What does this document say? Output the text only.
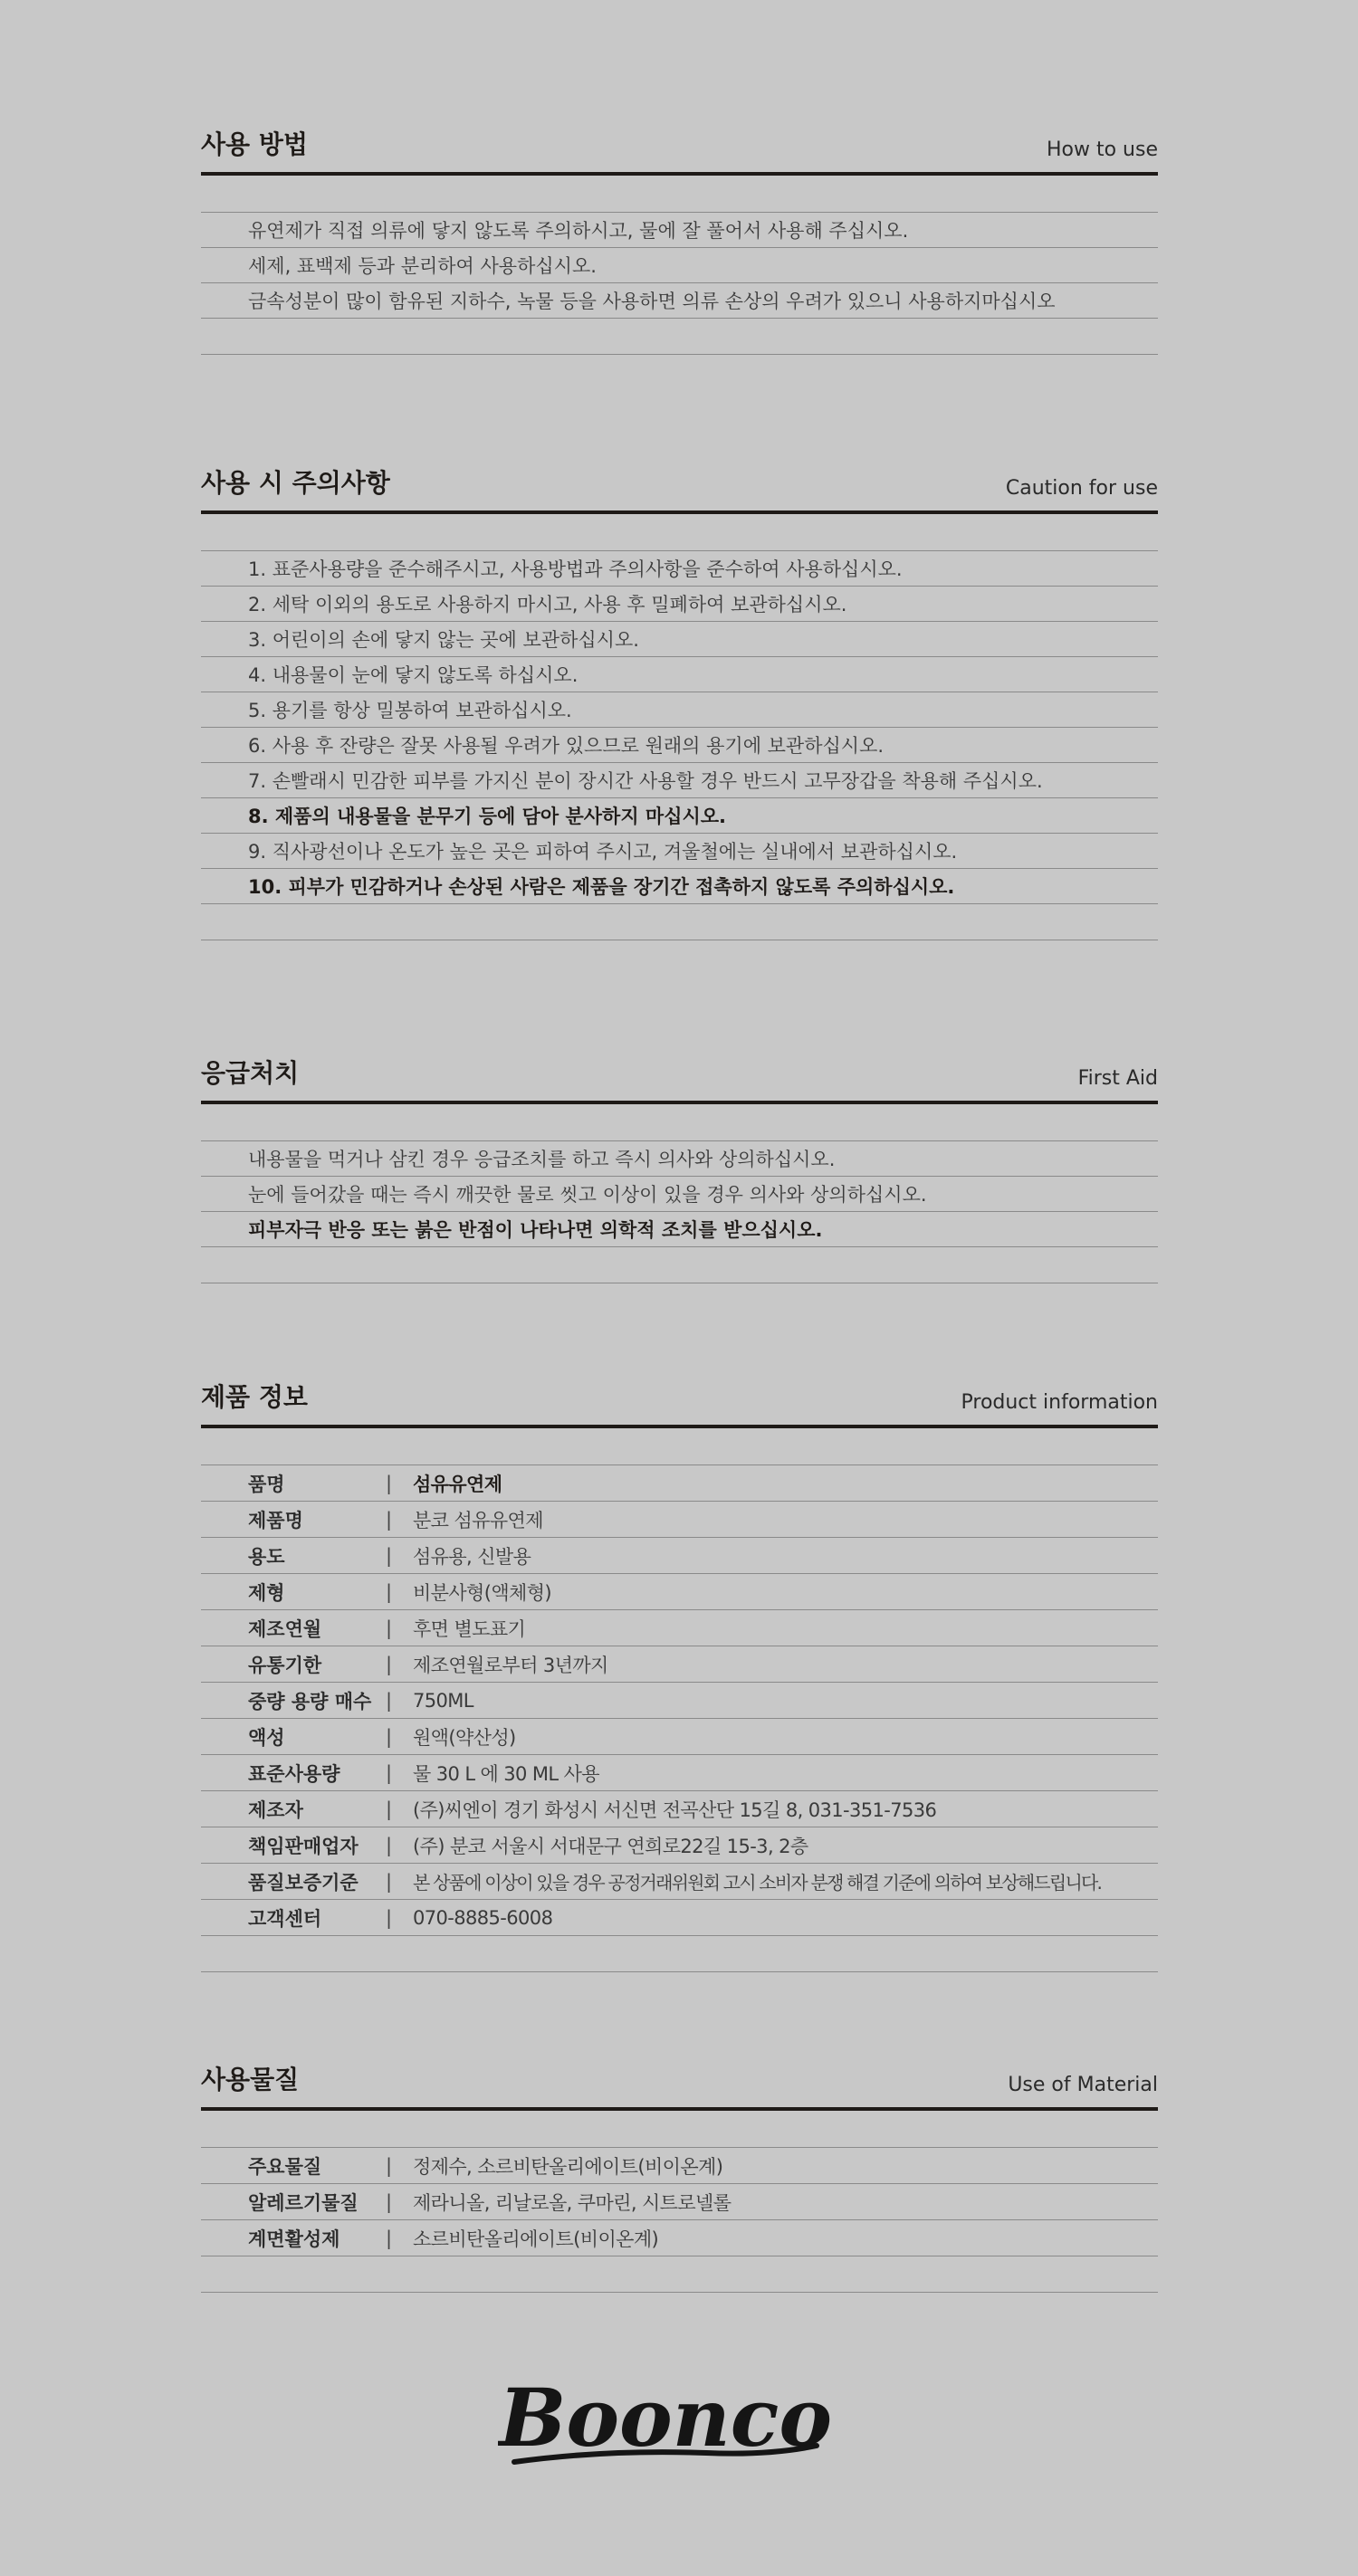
사용 방법	How to use
유연제가 직접 의류에 닿지 않도록 주의하시고, 물에 잘 풀어서 사용해 주십시오.
세제, 표백제 등과 분리하여 사용하십시오.
금속성분이 많이 함유된 지하수, 녹물 등을 사용하면 의류 손상의 우려가 있으니 사용하지마십시오
사용 시 주의사항	Caution for use
1. 표준사용량을 준수해주시고, 사용방법과 주의사항을 준수하여 사용하십시오.
2. 세탁 이외의 용도로 사용하지 마시고, 사용 후 밀폐하여 보관하십시오.
3. 어린이의 손에 닿지 않는 곳에 보관하십시오.
4. 내용물이 눈에 닿지 않도록 하십시오.
5. 용기를 항상 밀봉하여 보관하십시오.
6. 사용 후 잔량은 잘못 사용될 우려가 있으므로 원래의 용기에 보관하십시오.
7. 손빨래시 민감한 피부를 가지신 분이 장시간 사용할 경우 반드시 고무장갑을 착용해 주십시오.
8. 제품의 내용물을 분무기 등에 담아 분사하지 마십시오.
9. 직사광선이나 온도가 높은 곳은 피하여 주시고, 겨울철에는 실내에서 보관하십시오.
10. 피부가 민감하거나 손상된 사람은 제품을 장기간 접촉하지 않도록 주의하십시오.
응급처치	First Aid
내용물을 먹거나 삼킨 경우 응급조치를 하고 즉시 의사와 상의하십시오.
눈에 들어갔을 때는 즉시 깨끗한 물로 씻고 이상이 있을 경우 의사와 상의하십시오.
피부자극 반응 또는 붉은 반점이 나타나면 의학적 조치를 받으십시오.
제품 정보	Product information
품명	|	섬유유연제
제품명	|	분코 섬유유연제
용도	|	섬유용, 신발용
제형	|	비분사형(액체형)
제조연월	|	후면 별도표기
유통기한	|	제조연월로부터 3년까지
중량 용량 매수 |	750ML
액성	|	원액(약산성)
표준사용량	|	물 30 L 에 30 ML 사용
제조자	|	(주)씨엔이 경기 화성시 서신면 전곡산단 15길 8, 031-351-7536
책임판매업자	|	(주) 분코 서울시 서대문구 연희로22길 15-3, 2층
품질보증기준	|	본 상품에 이상이 있을 경우 공정거래위원회 고시 소비자 분쟁 해결 기준에 의하여 보상해드립니다.
고객센터	|	070-8885-6008
사용물질	Use of Material
주요물질	|	정제수, 소르비탄올리에이트(비이온계)
알레르기물질	|	제라니올, 리날로올, 쿠마린, 시트로넬롤
계면활성제	|	소르비탄올리에이트(비이온계)
Boonco
